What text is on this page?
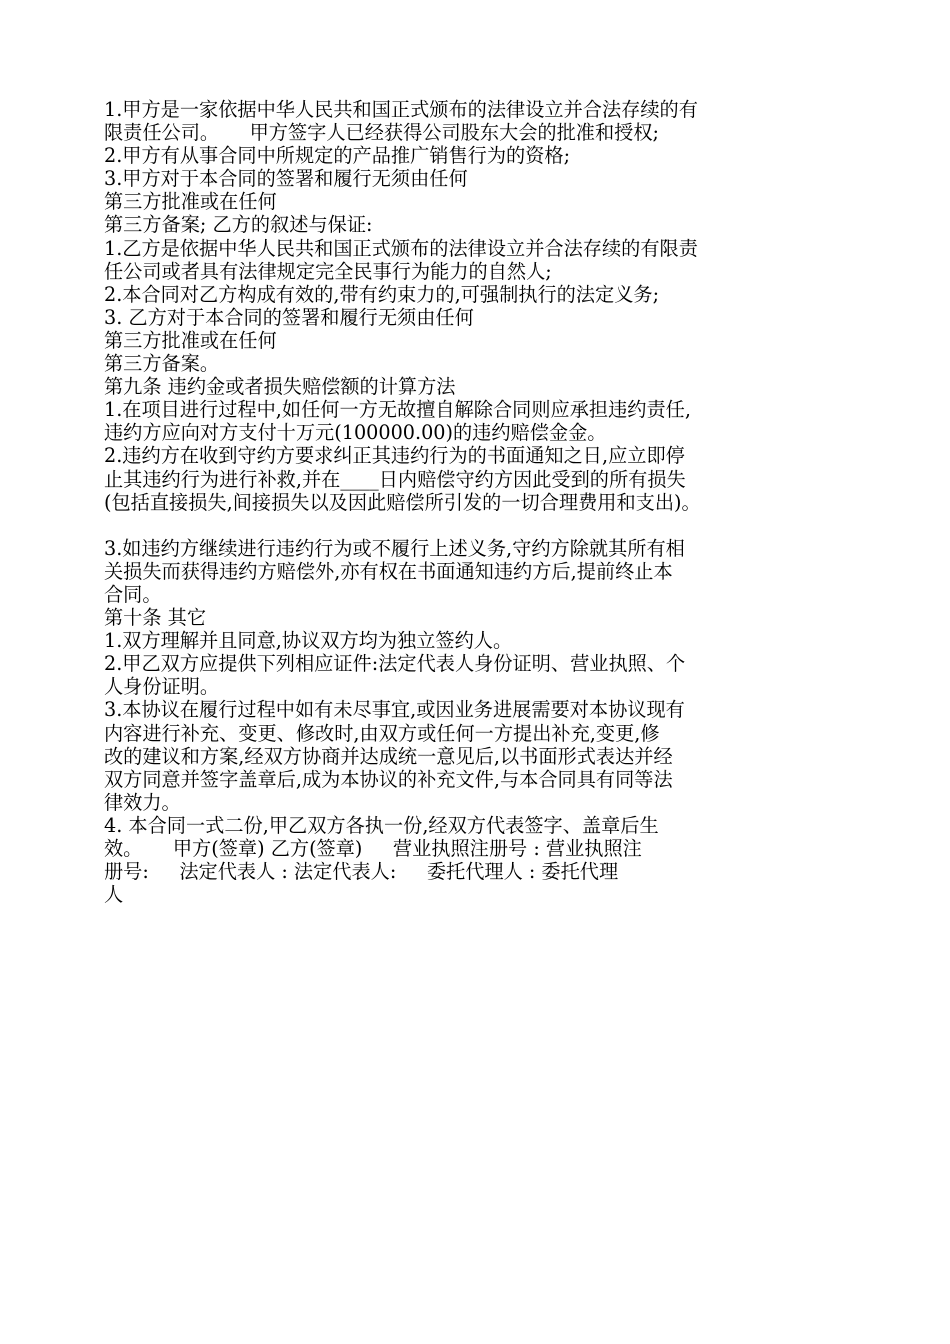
1.甲方是一家依据中华人民共和国正式颁布的法律设立并合法存续的有
限责任公司。     甲方签字人已经获得公司股东大会的批准和授权;
2.甲方有从事合同中所规定的产品推广销售行为的资格;
3.甲方对于本合同的签署和履行无须由任何
第三方批准或在任何
第三方备案; 乙方的叙述与保证:
1.乙方是依据中华人民共和国正式颁布的法律设立并合法存续的有限责
任公司或者具有法律规定完全民事行为能力的自然人;
2.本合同对乙方构成有效的,带有约束力的,可强制执行的法定义务;
3. 乙方对于本合同的签署和履行无须由任何
第三方批准或在任何
第三方备案。
第九条 违约金或者损失赔偿额的计算方法
1.在项目进行过程中,如任何一方无故擅自解除合同则应承担违约责任,
违约方应向对方支付十万元(100000.00)的违约赔偿金金。
2.违约方在收到守约方要求纠正其违约行为的书面通知之日,应立即停
止其违约行为进行补救,并在____日内赔偿守约方因此受到的所有损失
(包括直接损失,间接损失以及因此赔偿所引发的一切合理费用和支出)。
3.如违约方继续进行违约行为或不履行上述义务,守约方除就其所有相
关损失而获得违约方赔偿外,亦有权在书面通知违约方后,提前终止本
合同。
第十条 其它
1.双方理解并且同意,协议双方均为独立签约人。
2.甲乙双方应提供下列相应证件:法定代表人身份证明、营业执照、个
人身份证明。
3.本协议在履行过程中如有未尽事宜,或因业务进展需要对本协议现有
内容进行补充、变更、修改时,由双方或任何一方提出补充,变更,修
改的建议和方案,经双方协商并达成统一意见后,以书面形式表达并经
双方同意并签字盖章后,成为本协议的补充文件,与本合同具有同等法
律效力。
4. 本合同一式二份,甲乙双方各执一份,经双方代表签字、盖章后生
效。     甲方(签章) 乙方(签章)     营业执照注册号 : 营业执照注
册号:     法定代表人 : 法定代表人:     委托代理人 : 委托代理
人
